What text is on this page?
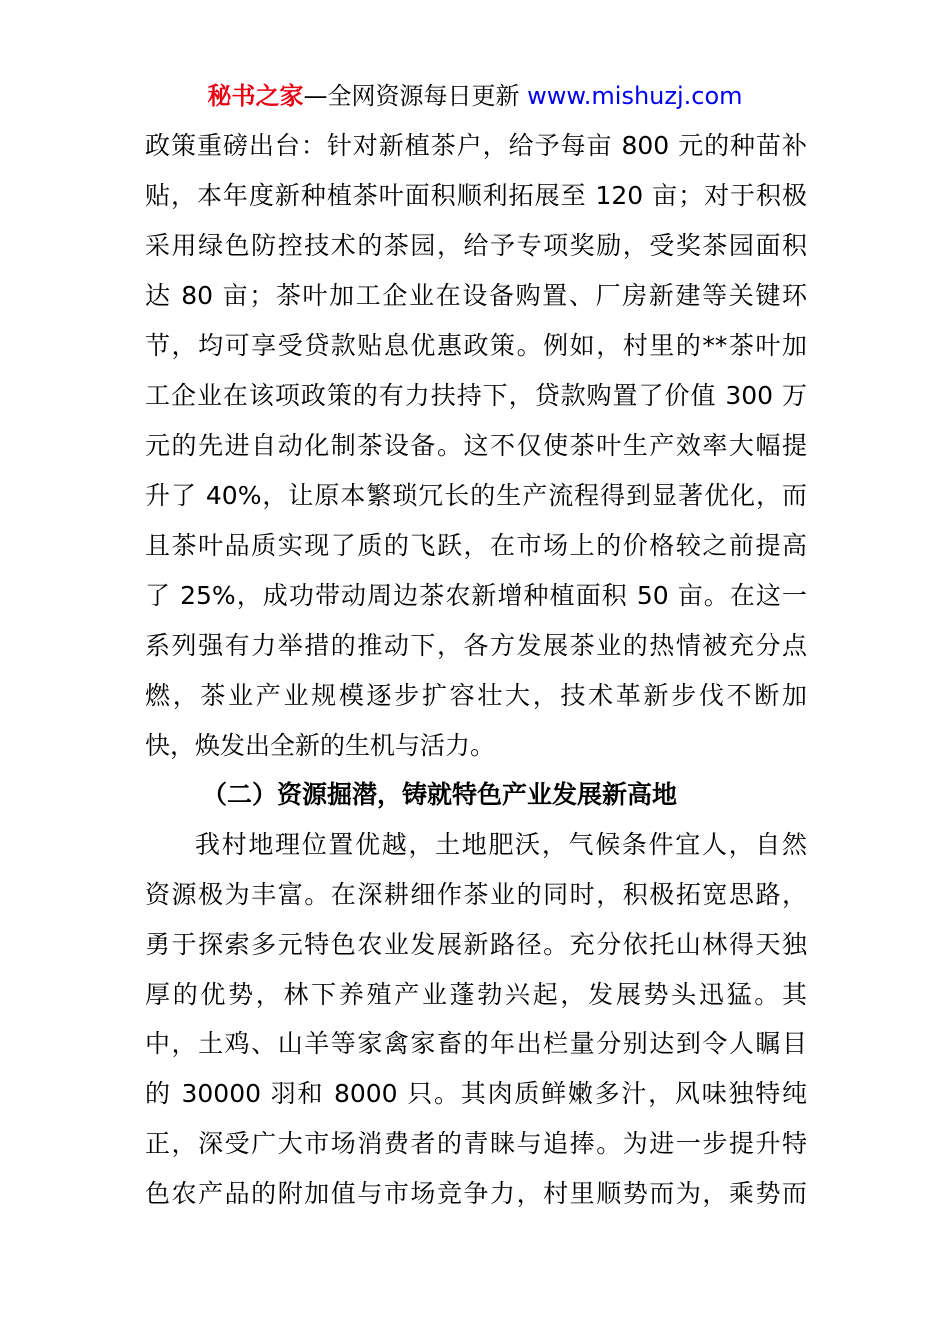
秘书之家—全网资源每日更新 www.mishuzj.com
政策重磅出台：针对新植茶户，给予每亩 800 元的种苗补
贴，本年度新种植茶叶面积顺利拓展至 120 亩；对于积极
采用绿色防控技术的茶园，给予专项奖励，受奖茶园面积
达 80 亩；茶叶加工企业在设备购置、厂房新建等关键环
节，均可享受贷款贴息优惠政策。例如，村里的**茶叶加
工企业在该项政策的有力扶持下，贷款购置了价值 300 万
元的先进自动化制茶设备。这不仅使茶叶生产效率大幅提
升了 40%，让原本繁琐冗长的生产流程得到显著优化，而
且茶叶品质实现了质的飞跃，在市场上的价格较之前提高
了 25%，成功带动周边茶农新增种植面积 50 亩。在这一
系列强有力举措的推动下，各方发展茶业的热情被充分点
燃，茶业产业规模逐步扩容壮大，技术革新步伐不断加
快，焕发出全新的生机与活力。
（二）资源掘潜，铸就特色产业发展新高地
我村地理位置优越，土地肥沃，气候条件宜人，自然
资源极为丰富。在深耕细作茶业的同时，积极拓宽思路，
勇于探索多元特色农业发展新路径。充分依托山林得天独
厚的优势，林下养殖产业蓬勃兴起，发展势头迅猛。其
中，土鸡、山羊等家禽家畜的年出栏量分别达到令人瞩目
的 30000 羽和 8000 只。其肉质鲜嫩多汁，风味独特纯
正，深受广大市场消费者的青睐与追捧。为进一步提升特
色农产品的附加值与市场竞争力，村里顺势而为，乘势而
